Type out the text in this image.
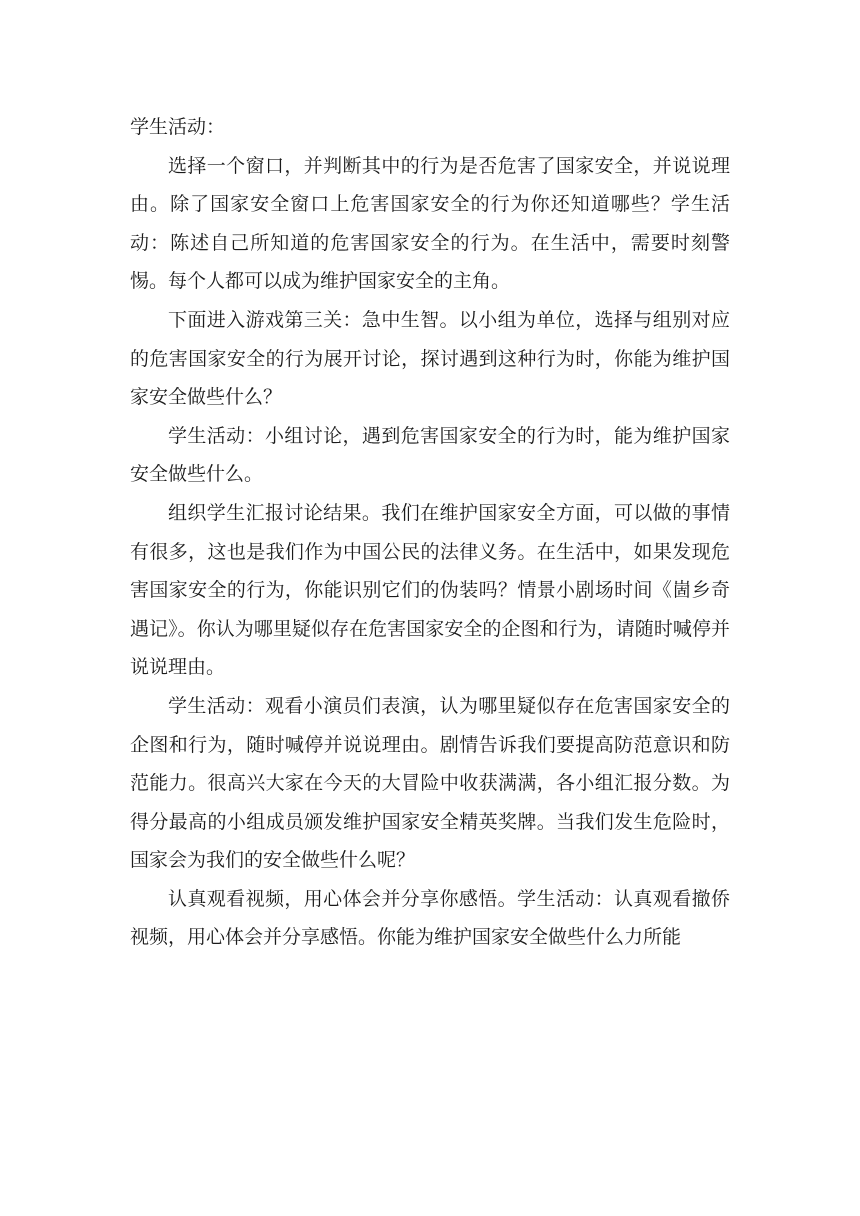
学生活动：

选择一个窗口，并判断其中的行为是否危害了国家安全，并说说理由。除了国家安全窗口上危害国家安全的行为你还知道哪些？学生活动：陈述自己所知道的危害国家安全的行为。在生活中，需要时刻警惕。每个人都可以成为维护国家安全的主角。

下面进入游戏第三关：急中生智。以小组为单位，选择与组别对应的危害国家安全的行为展开讨论，探讨遇到这种行为时，你能为维护国家安全做些什么？

学生活动：小组讨论，遇到危害国家安全的行为时，能为维护国家安全做些什么。

组织学生汇报讨论结果。我们在维护国家安全方面，可以做的事情有很多，这也是我们作为中国公民的法律义务。在生活中，如果发现危害国家安全的行为，你能识别它们的伪装吗？情景小剧场时间《崮乡奇遇记》。你认为哪里疑似存在危害国家安全的企图和行为，请随时喊停并说说理由。

学生活动：观看小演员们表演，认为哪里疑似存在危害国家安全的企图和行为，随时喊停并说说理由。剧情告诉我们要提高防范意识和防范能力。很高兴大家在今天的大冒险中收获满满，各小组汇报分数。为得分最高的小组成员颁发维护国家安全精英奖牌。当我们发生危险时，国家会为我们的安全做些什么呢？

认真观看视频，用心体会并分享你感悟。学生活动：认真观看撤侨视频，用心体会并分享感悟。你能为维护国家安全做些什么力所能
